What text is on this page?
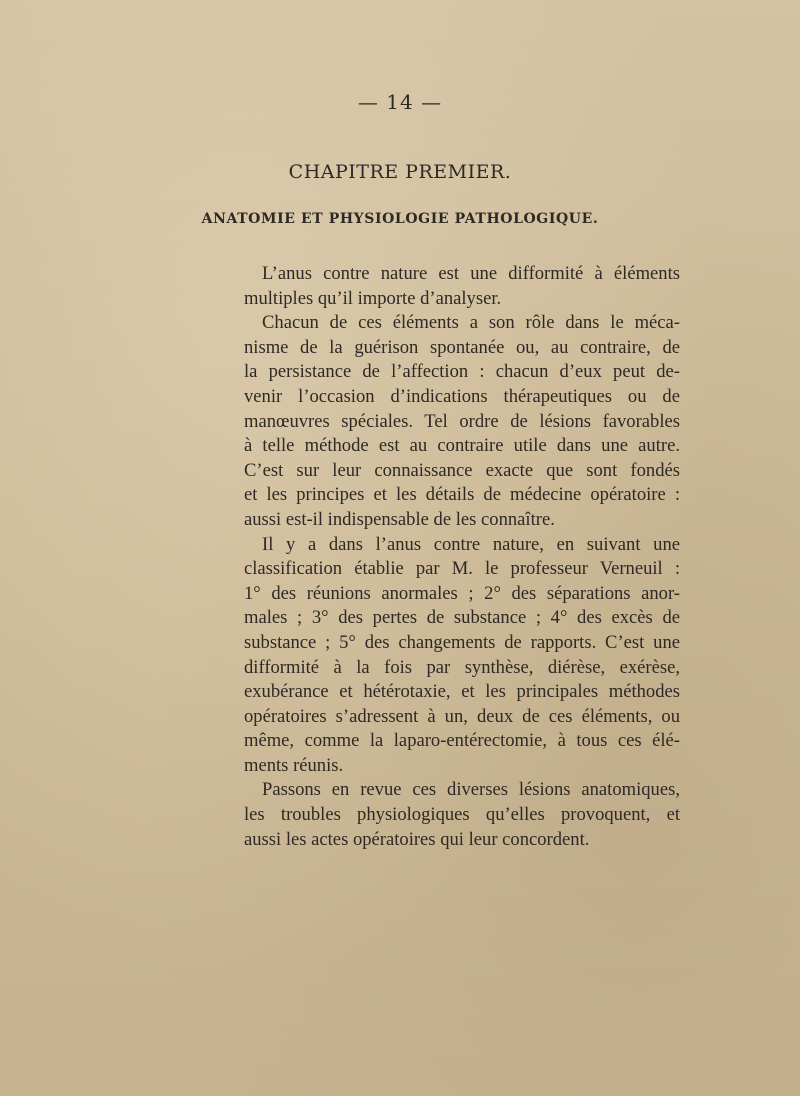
— 14 —
CHAPITRE PREMIER.
ANATOMIE ET PHYSIOLOGIE PATHOLOGIQUE.
L’anus contre nature est une difformité à éléments
multiples qu’il importe d’analyser.
Chacun de ces éléments a son rôle dans le méca-
nisme de la guérison spontanée ou, au contraire, de
la persistance de l’affection : chacun d’eux peut de-
venir l’occasion d’indications thérapeutiques ou de
manœuvres spéciales. Tel ordre de lésions favorables
à telle méthode est au contraire utile dans une autre.
C’est sur leur connaissance exacte que sont fondés
et les principes et les détails de médecine opératoire :
aussi est-il indispensable de les connaître.
Il y a dans l’anus contre nature, en suivant une
classification établie par M. le professeur Verneuil :
1° des réunions anormales ; 2° des séparations anor-
males ; 3° des pertes de substance ; 4° des excès de
substance ; 5° des changements de rapports. C’est une
difformité à la fois par synthèse, diérèse, exérèse,
exubérance et hétérotaxie, et les principales méthodes
opératoires s’adressent à un, deux de ces éléments, ou
même, comme la laparo-entérectomie, à tous ces élé-
ments réunis.
Passons en revue ces diverses lésions anatomiques,
les troubles physiologiques qu’elles provoquent, et
aussi les actes opératoires qui leur concordent.
